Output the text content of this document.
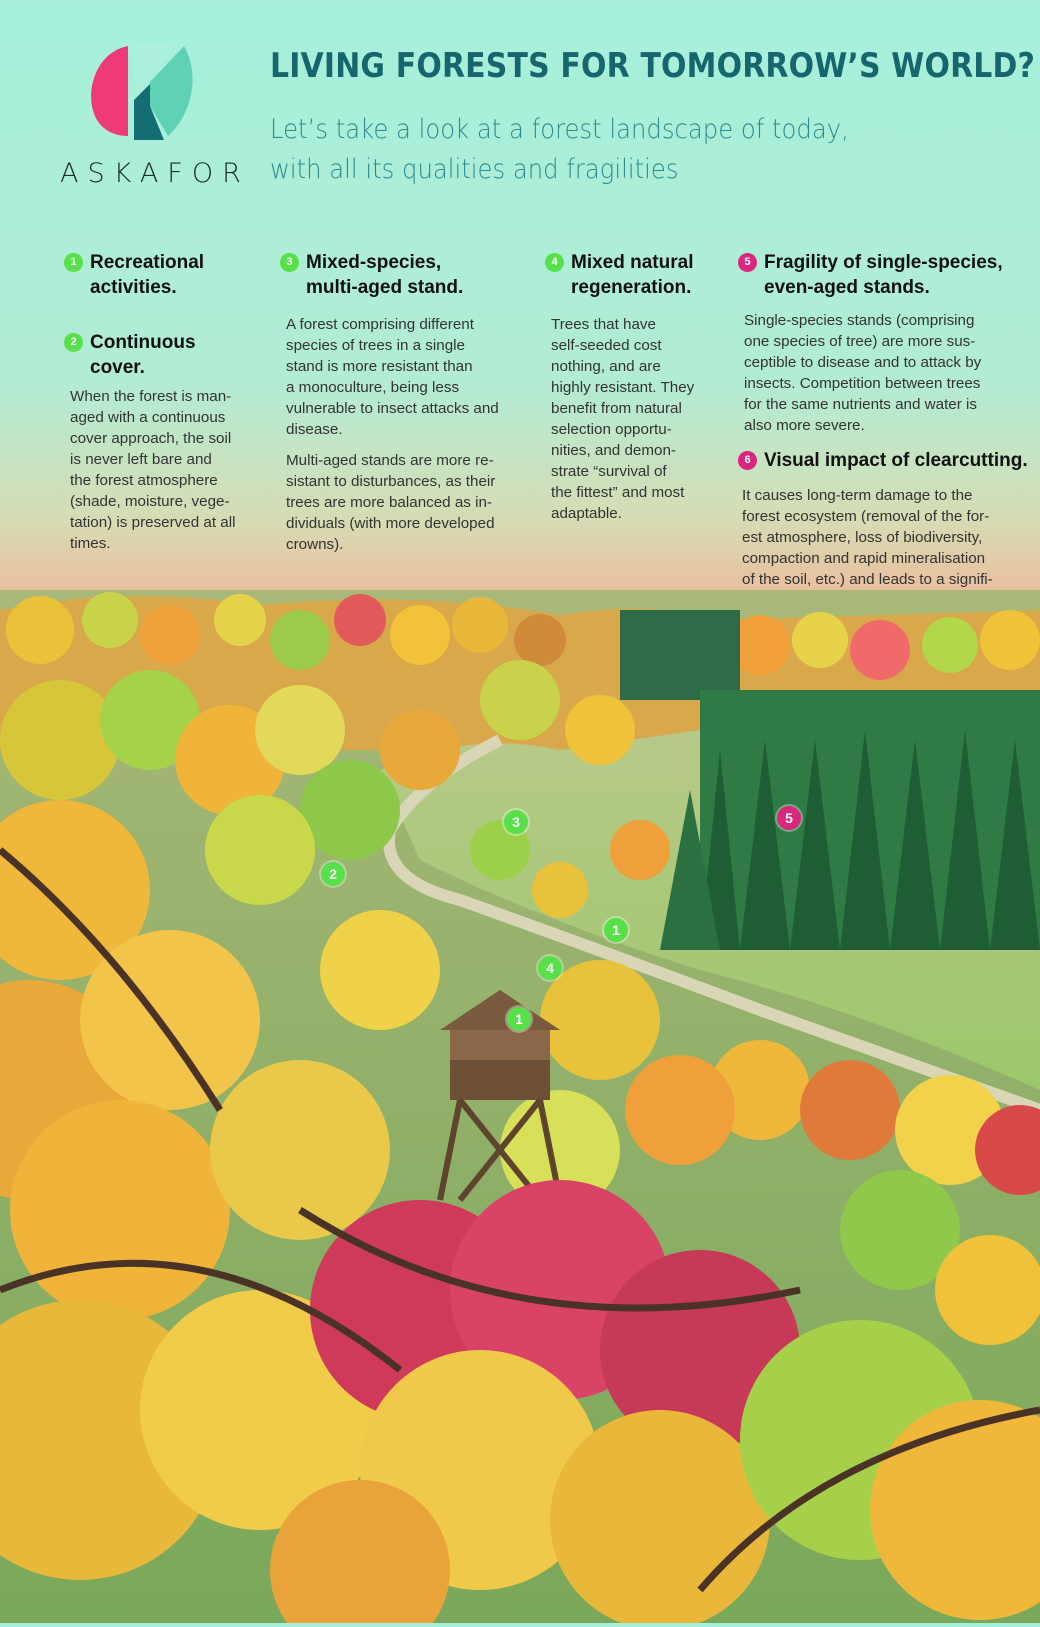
ASKAFOR
LIVING FORESTS FOR TOMORROW’S WORLD?
Let’s take a look at a forest landscape of today,
with all its qualities and fragilities
1 Recreational
activities.
2 Continuous
cover.

When the forest is man-
aged with a continuous
cover approach, the soil
is never left bare and
the forest atmosphere
(shade, moisture, vege-
tation) is preserved at all
times.

3 Mixed-species,
multi-aged stand.

A forest comprising different
species of trees in a single
stand is more resistant than
a monoculture, being less
vulnerable to insect attacks and
disease.

Multi-aged stands are more re-
sistant to disturbances, as their
trees are more balanced as in-
dividuals (with more developed
crowns).

4 Mixed natural
regeneration.

Trees that have
self-seeded cost
nothing, and are
highly resistant. They
benefit from natural
selection opportu-
nities, and demon-
strate “survival of
the fittest” and most
adaptable.

5 Fragility of single-species,
even-aged stands.

Single-species stands (comprising
one species of tree) are more sus-
ceptible to disease and to attack by
insects. Competition between trees
for the same nutrients and water is
also more severe.

6 Visual impact of clearcutting.

It causes long-term damage to the
forest ecosystem (removal of the for-
est atmosphere, loss of biodiversity,
compaction and rapid mineralisation
of the soil, etc.) and leads to a signifi-

2
3
1
4
1
5
